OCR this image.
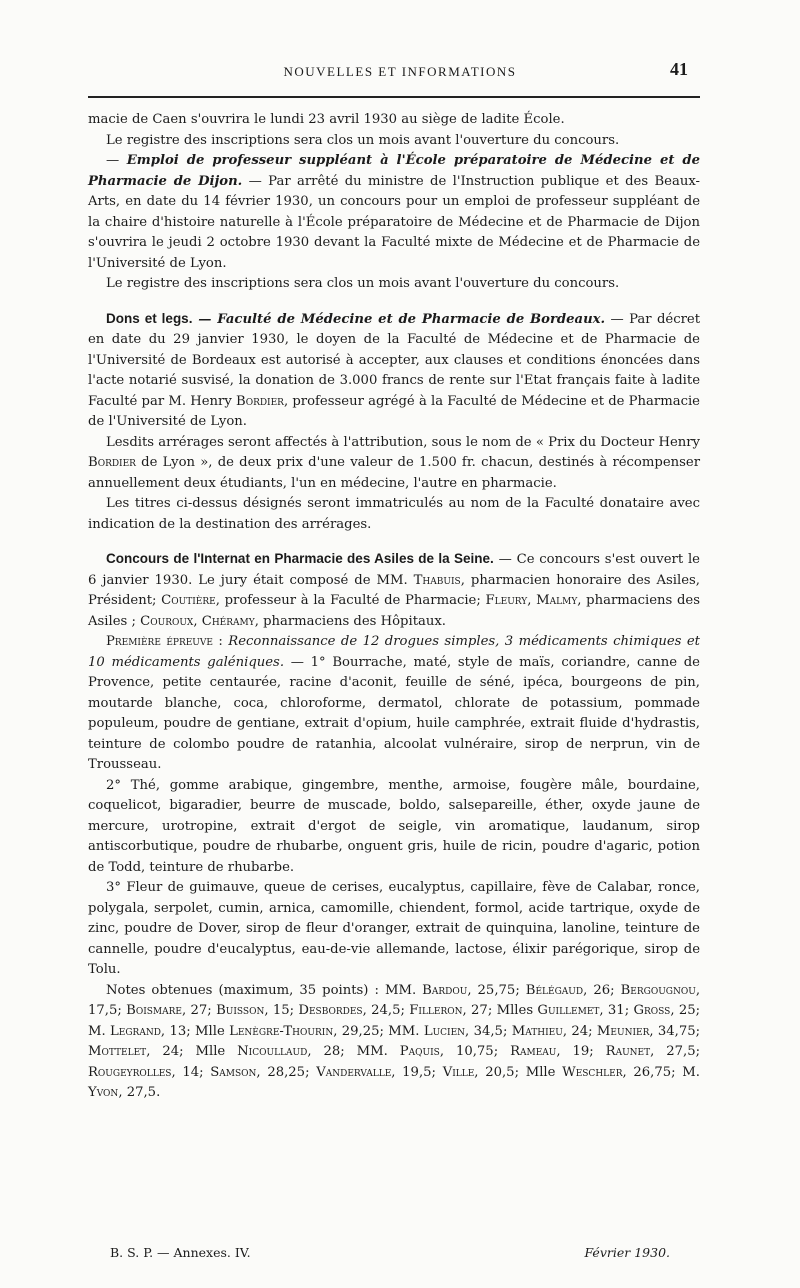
NOUVELLES ET INFORMATIONS	41

macie de Caen s'ouvrira le lundi 23 avril 1930 au siège de ladite École.

Le registre des inscriptions sera clos un mois avant l'ouverture du concours.

— Emploi de professeur suppléant à l'École préparatoire de Médecine et de Pharmacie de Dijon. — Par arrêté du ministre de l'Instruction publique et des Beaux-Arts, en date du 14 février 1930, un concours pour un emploi de professeur suppléant de la chaire d'histoire naturelle à l'École préparatoire de Médecine et de Pharmacie de Dijon s'ouvrira le jeudi 2 octobre 1930 devant la Faculté mixte de Médecine et de Pharmacie de l'Université de Lyon.

Le registre des inscriptions sera clos un mois avant l'ouverture du concours.

Dons et legs. — Faculté de Médecine et de Pharmacie de Bordeaux. — Par décret en date du 29 janvier 1930, le doyen de la Faculté de Médecine et de Pharmacie de l'Université de Bordeaux est autorisé à accepter, aux clauses et conditions énoncées dans l'acte notarié susvisé, la donation de 3.000 francs de rente sur l'Etat français faite à ladite Faculté par M. Henry Bordier, professeur agrégé à la Faculté de Médecine et de Pharmacie de l'Université de Lyon.

Lesdits arrérages seront affectés à l'attribution, sous le nom de « Prix du Docteur Henry Bordier de Lyon », de deux prix d'une valeur de 1.500 fr. chacun, destinés à récompenser annuellement deux étudiants, l'un en médecine, l'autre en pharmacie.

Les titres ci-dessus désignés seront immatriculés au nom de la Faculté donataire avec indication de la destination des arrérages.

Concours de l'Internat en Pharmacie des Asiles de la Seine. — Ce concours s'est ouvert le 6 janvier 1930. Le jury était composé de MM. Thabuis, pharmacien honoraire des Asiles, Président; Coutière, professeur à la Faculté de Pharmacie; Fleury, Malmy, pharmaciens des Asiles ; Couroux, Chéramy, pharmaciens des Hôpitaux.

Première épreuve : Reconnaissance de 12 drogues simples, 3 médicaments chimiques et 10 médicaments galéniques. — 1° Bourrache, maté, style de maïs, coriandre, canne de Provence, petite centaurée, racine d'aconit, feuille de séné, ipéca, bourgeons de pin, moutarde blanche, coca, chloroforme, dermatol, chlorate de potassium, pommade populeum, poudre de gentiane, extrait d'opium, huile camphrée, extrait fluide d'hydrastis, teinture de colombo poudre de ratanhia, alcoolat vulnéraire, sirop de nerprun, vin de Trousseau.

2° Thé, gomme arabique, gingembre, menthe, armoise, fougère mâle, bourdaine, coquelicot, bigaradier, beurre de muscade, boldo, salsepareille, éther, oxyde jaune de mercure, urotropine, extrait d'ergot de seigle, vin aromatique, laudanum, sirop antiscorbutique, poudre de rhubarbe, onguent gris, huile de ricin, poudre d'agaric, potion de Todd, teinture de rhubarbe.

3° Fleur de guimauve, queue de cerises, eucalyptus, capillaire, fève de Calabar, ronce, polygala, serpolet, cumin, arnica, camomille, chiendent, formol, acide tartrique, oxyde de zinc, poudre de Dover, sirop de fleur d'oranger, extrait de quinquina, lanoline, teinture de cannelle, poudre d'eucalyptus, eau-de-vie allemande, lactose, élixir parégorique, sirop de Tolu.

Notes obtenues (maximum, 35 points) : MM. Bardou, 25,75; Bélégaud, 26; Bergougnou, 17,5; Boismare, 27; Buisson, 15; Desbordes, 24,5; Filleron, 27; Mlles Guillemet, 31; Gross, 25; M. Legrand, 13; Mlle Lenègre-Thourin, 29,25; MM. Lucien, 34,5; Mathieu, 24; Meunier, 34,75; Mottelet, 24; Mlle Nicoullaud, 28; MM. Paquis, 10,75; Rameau, 19; Raunet, 27,5; Rougeyrolles, 14; Samson, 28,25; Vandervalle, 19,5; Ville, 20,5; Mlle Weschler, 26,75; M. Yvon, 27,5.

B. S. P. — Annexes. IV.	Février 1930.
